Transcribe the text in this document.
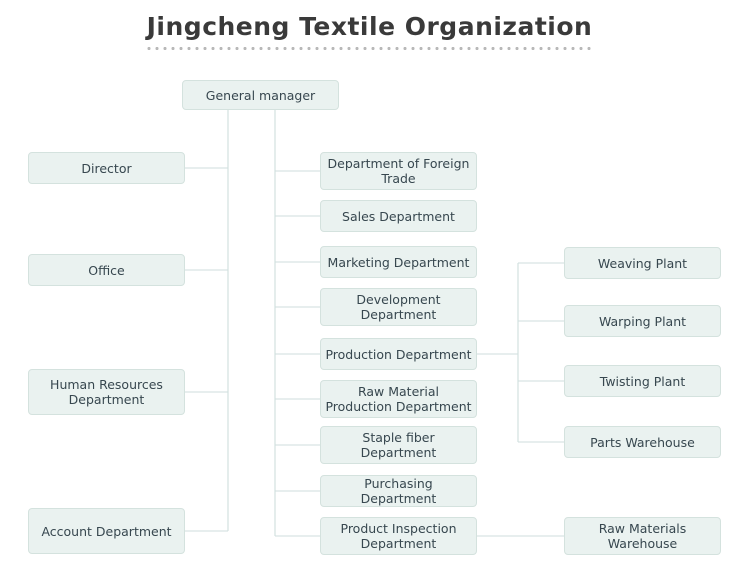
Jingcheng Textile Organization
General manager
Director
Office
Human Resources Department
Account Department
Department of Foreign Trade
Sales Department
Marketing Department
Development Department
Production Department
Raw Material Production Department
Staple fiber Department
Purchasing Department
Product Inspection Department
Weaving Plant
Warping Plant
Twisting Plant
Parts Warehouse
Raw Materials Warehouse
